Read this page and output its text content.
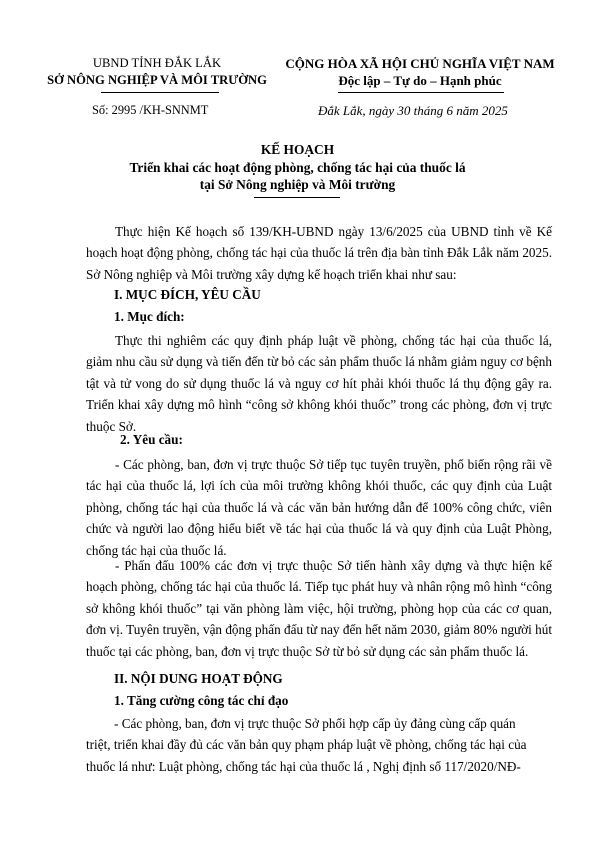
UBND TỈNH ĐẮK LẮK
SỞ NÔNG NGHIỆP VÀ MÔI TRƯỜNG
Số: 2995 /KH-SNNMT
CỘNG HÒA XÃ HỘI CHỦ NGHĨA VIỆT NAM
Độc lập – Tự do – Hạnh phúc
Đắk Lắk, ngày 30 tháng 6 năm 2025
KẾ HOẠCH
Triển khai các hoạt động phòng, chống tác hại của thuốc lá
tại Sở Nông nghiệp và Môi trường
Thực hiện Kế hoạch số 139/KH-UBND ngày 13/6/2025 của UBND tỉnh về Kế hoạch hoạt động phòng, chống tác hại của thuốc lá trên địa bàn tỉnh Đắk Lắk năm 2025. Sở Nông nghiệp và Môi trường xây dựng kế hoạch triển khai như sau:
I. MỤC ĐÍCH, YÊU CẦU
1. Mục đích:
Thực thi nghiêm các quy định pháp luật về phòng, chống tác hại của thuốc lá, giảm nhu cầu sử dụng và tiến đến từ bỏ các sản phẩm thuốc lá nhằm giảm nguy cơ bệnh tật và tử vong do sử dụng thuốc lá và nguy cơ hít phải khói thuốc lá thụ động gây ra. Triển khai xây dựng mô hình “công sở không khói thuốc” trong các phòng, đơn vị trực thuộc Sở.
2. Yêu cầu:
- Các phòng, ban, đơn vị trực thuộc Sở tiếp tục tuyên truyền, phổ biến rộng rãi về tác hại của thuốc lá, lợi ích của môi trường không khói thuốc, các quy định của Luật phòng, chống tác hại của thuốc lá và các văn bản hướng dẫn để 100% công chức, viên chức và người lao động hiểu biết về tác hại của thuốc lá và quy định của Luật Phòng, chống tác hại của thuốc lá.
- Phấn đấu 100% các đơn vị trực thuộc Sở tiến hành xây dựng và thực hiện kế hoạch phòng, chống tác hại của thuốc lá. Tiếp tục phát huy và nhân rộng mô hình “công sở không khói thuốc” tại văn phòng làm việc, hội trường, phòng họp của các cơ quan, đơn vị. Tuyên truyền, vận động phấn đấu từ nay đến hết năm 2030, giảm 80% người hút thuốc tại các phòng, ban, đơn vị trực thuộc Sở từ bỏ sử dụng các sản phẩm thuốc lá.
II. NỘI DUNG HOẠT ĐỘNG
1. Tăng cường công tác chỉ đạo
- Các phòng, ban, đơn vị trực thuộc Sở phối hợp cấp ủy đảng cùng cấp quán
triệt, triển khai đầy đủ các văn bản quy phạm pháp luật về phòng, chống tác hại của
thuốc lá như: Luật phòng, chống tác hại của thuốc lá , Nghị định số 117/2020/NĐ-
